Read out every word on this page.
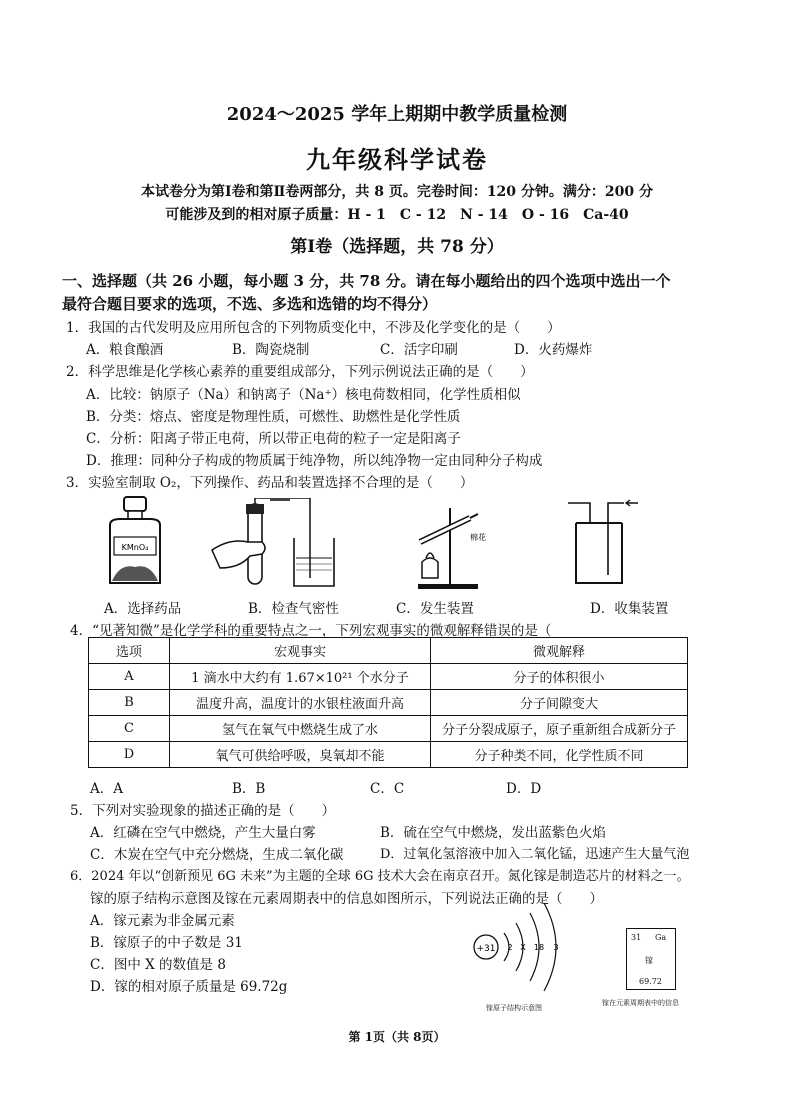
2024～2025 学年上期期中教学质量检测
九年级科学试卷
本试卷分为第Ⅰ卷和第Ⅱ卷两部分，共 8 页。完卷时间：120 分钟。满分：200 分
可能涉及到的相对原子质量：H - 1　C - 12　N - 14　O - 16　Ca-40
第Ⅰ卷（选择题，共 78 分）
一、选择题（共 26 小题，每小题 3 分，共 78 分。请在每小题给出的四个选项中选出一个
最符合题目要求的选项，不选、多选和选错的均不得分）
1．我国的古代发明及应用所包含的下列物质变化中，不涉及化学变化的是（　　）
A．粮食酿酒	B．陶瓷烧制	C．活字印刷	D．火药爆炸
2．科学思维是化学核心素养的重要组成部分，下列示例说法正确的是（　　）
A．比较：钠原子（Na）和钠离子（Na⁺）核电荷数相同，化学性质相似
B．分类：熔点、密度是物理性质，可燃性、助燃性是化学性质
C．分析：阳离子带正电荷，所以带正电荷的粒子一定是阳离子
D．推理：同种分子构成的物质属于纯净物，所以纯净物一定由同种分子构成
3．实验室制取 O₂，下列操作、药品和装置选择不合理的是（　　）
KMnO₄
棉花
A．选择药品	B．检查气密性	C．发生装置	D．收集装置
4．“见著知微”是化学学科的重要特点之一，下列宏观事实的微观解释错误的是（
选项	宏观事实	微观解释
A	1 滴水中大约有 1.67×10²¹ 个水分子	分子的体积很小
B	温度升高，温度计的水银柱液面升高	分子间隙变大
C	氢气在氧气中燃烧生成了水	分子分裂成原子，原子重新组合成新分子
D	氧气可供给呼吸，臭氧却不能	分子种类不同，化学性质不同
A．A	B．B	C．C	D．D
5．下列对实验现象的描述正确的是（　　）
A．红磷在空气中燃烧，产生大量白雾	B．硫在空气中燃烧，发出蓝紫色火焰
C．木炭在空气中充分燃烧，生成二氧化碳	D．过氧化氢溶液中加入二氧化锰，迅速产生大量气泡
6．2024 年以“创新预见 6G 未来”为主题的全球 6G 技术大会在南京召开。氮化镓是制造芯片的材料之一。
镓的原子结构示意图及镓在元素周期表中的信息如图所示，下列说法正确的是（　　）
A．镓元素为非金属元素
B．镓原子的中子数是 31
C．图中 X 的数值是 8
D．镓的相对原子质量是 69.72g
+31 2 X 18 3
镓原子结构示意图
31 Ga
镓
69.72
镓在元素周期表中的信息
第 1页（共 8页）
